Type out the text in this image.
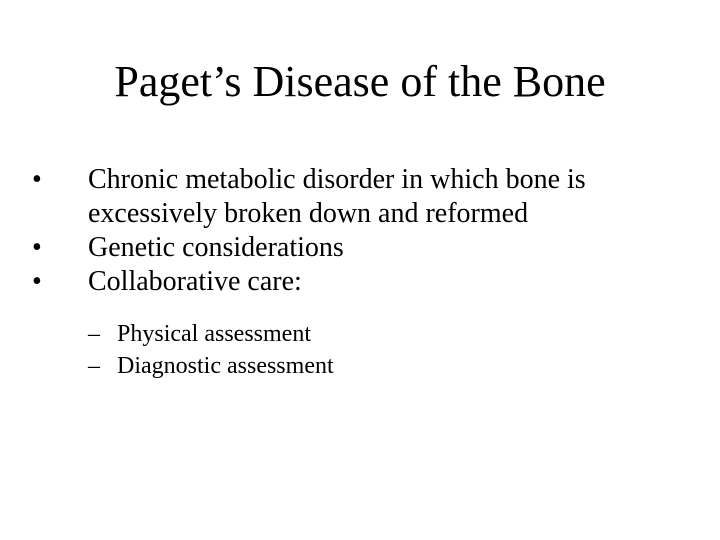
Paget’s Disease of the Bone
•	Chronic metabolic disorder in which bone is excessively broken down and reformed
•	Genetic considerations
•	Collaborative care:
– Physical assessment
– Diagnostic assessment
